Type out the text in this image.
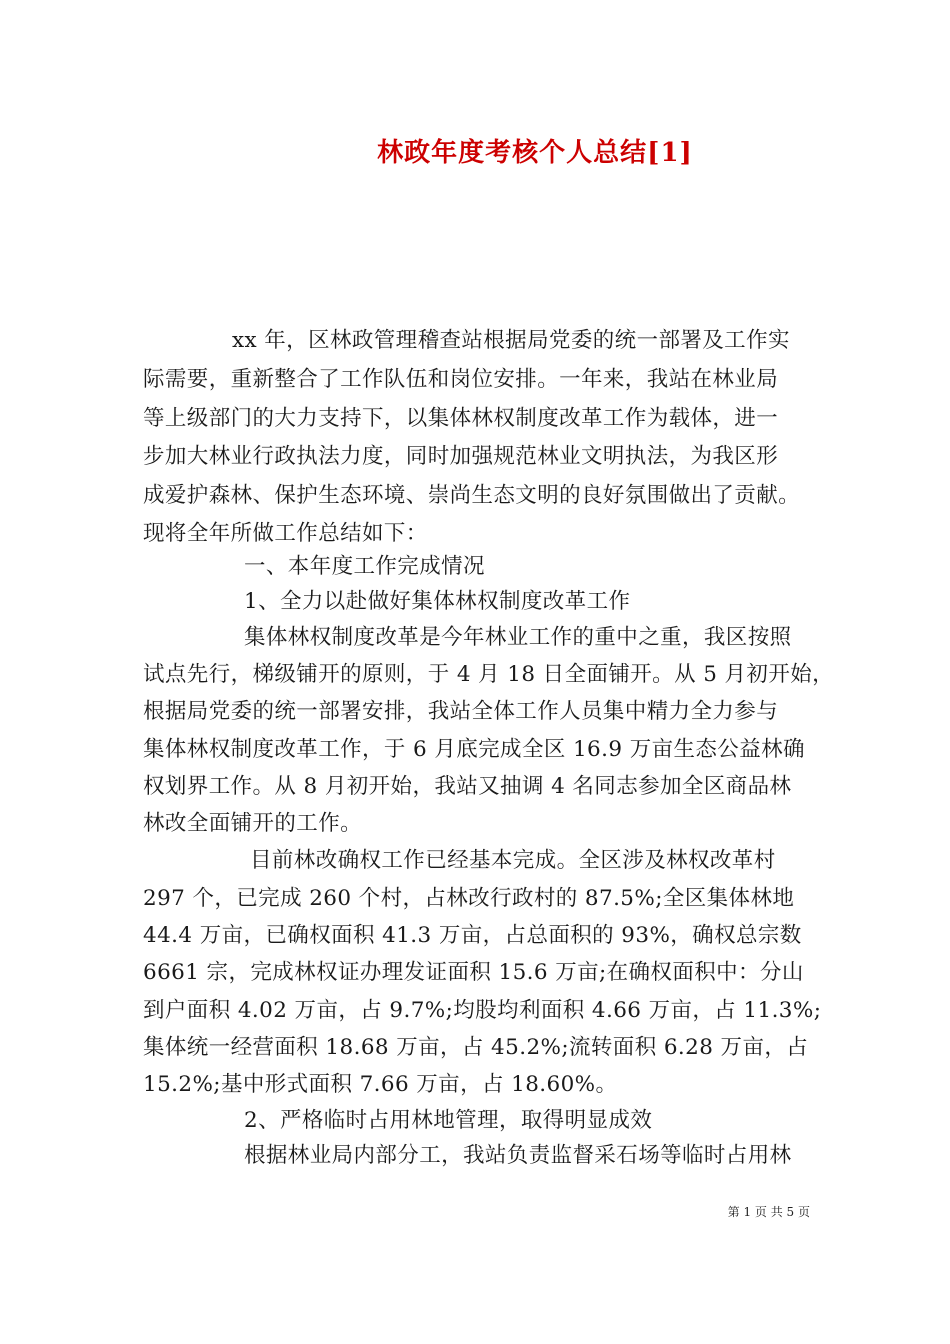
林政年度考核个人总结[1]
xx 年，区林政管理稽查站根据局党委的统一部署及工作实
际需要，重新整合了工作队伍和岗位安排。一年来，我站在林业局
等上级部门的大力支持下，以集体林权制度改革工作为载体，进一
步加大林业行政执法力度，同时加强规范林业文明执法，为我区形
成爱护森林、保护生态环境、崇尚生态文明的良好氛围做出了贡献。
现将全年所做工作总结如下：
一、本年度工作完成情况
1、全力以赴做好集体林权制度改革工作
集体林权制度改革是今年林业工作的重中之重，我区按照
试点先行，梯级铺开的原则，于 4 月 18 日全面铺开。从 5 月初开始，
根据局党委的统一部署安排，我站全体工作人员集中精力全力参与
集体林权制度改革工作，于 6 月底完成全区 16.9 万亩生态公益林确
权划界工作。从 8 月初开始，我站又抽调 4 名同志参加全区商品林
林改全面铺开的工作。
目前林改确权工作已经基本完成。全区涉及林权改革村
297 个，已完成 260 个村，占林改行政村的 87.5%;全区集体林地
44.4 万亩，已确权面积 41.3 万亩，占总面积的 93%，确权总宗数
6661 宗，完成林权证办理发证面积 15.6 万亩;在确权面积中：分山
到户面积 4.02 万亩，占 9.7%;均股均利面积 4.66 万亩，占 11.3%;
集体统一经营面积 18.68 万亩，占 45.2%;流转面积 6.28 万亩，占
15.2%;基中形式面积 7.66 万亩，占 18.60%。
2、严格临时占用林地管理，取得明显成效
根据林业局内部分工，我站负责监督采石场等临时占用林
第 1 页 共 5 页
